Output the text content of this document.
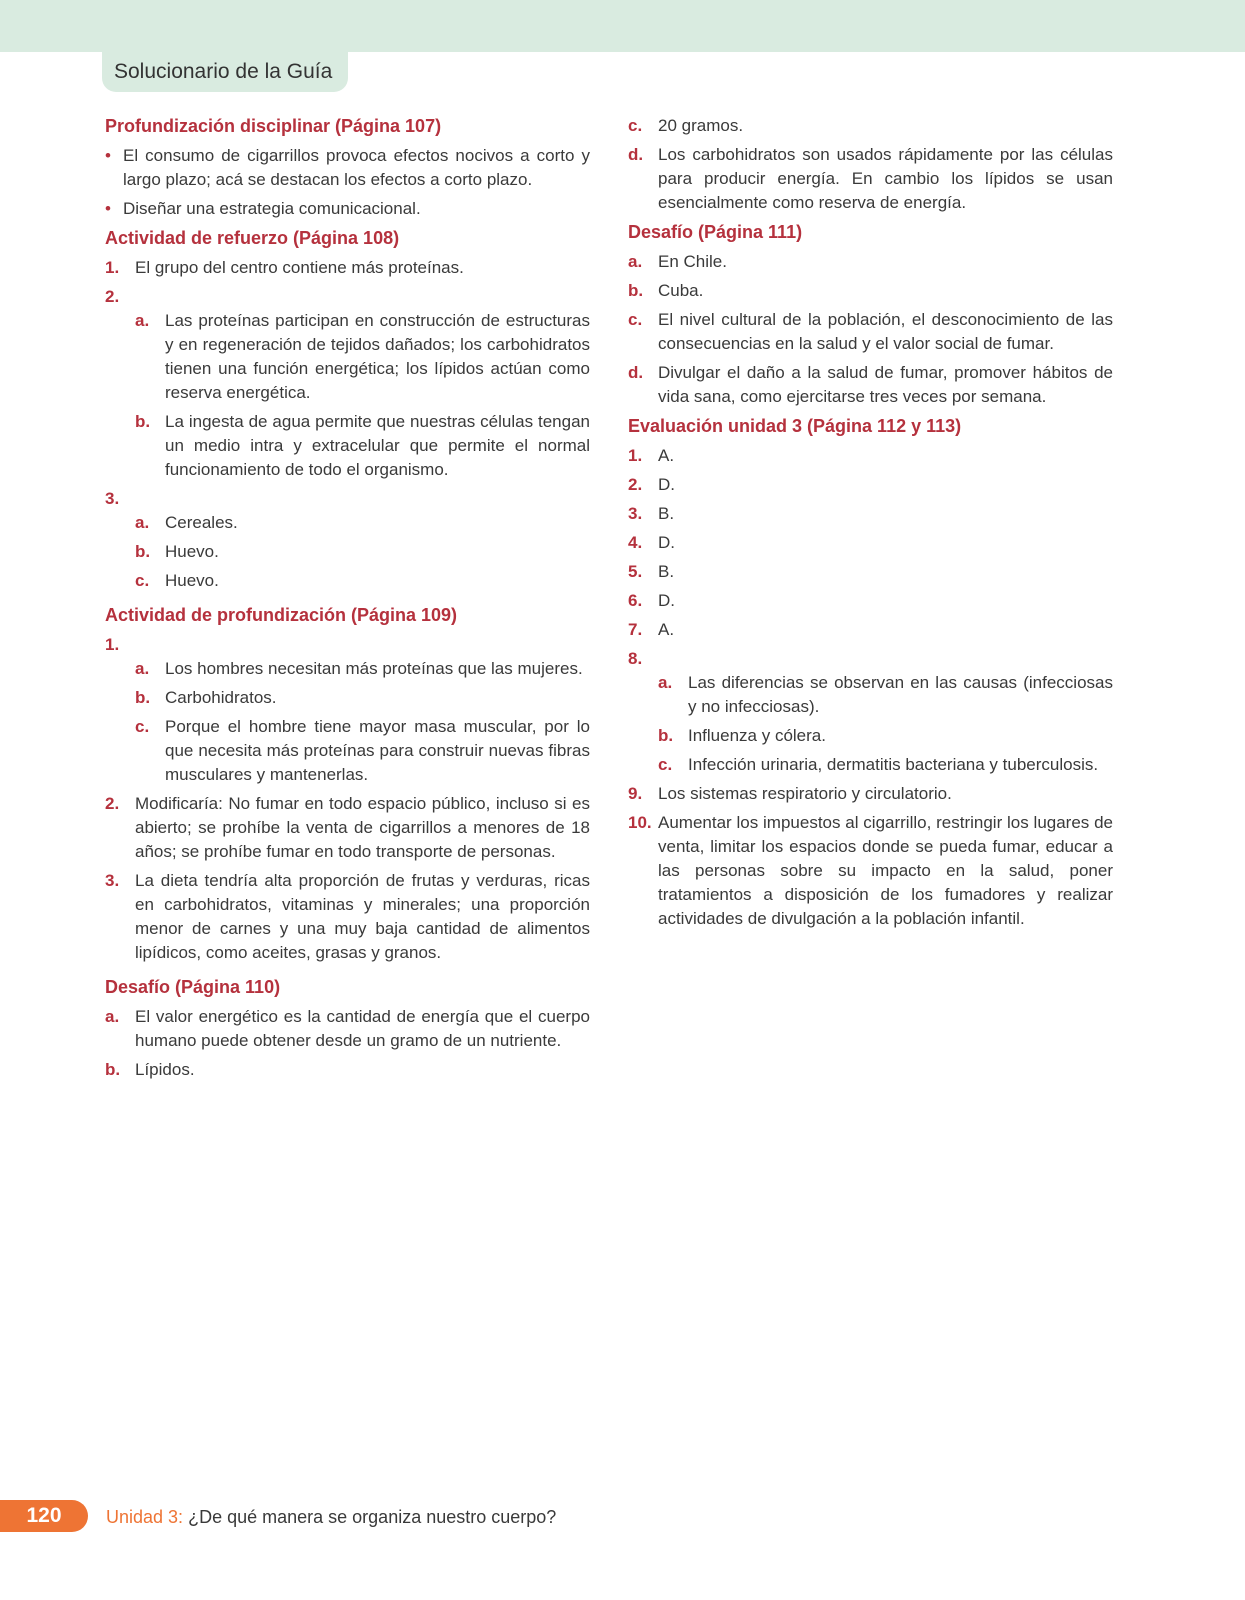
Solucionario de la Guía
Profundización disciplinar (Página 107)
• El consumo de cigarrillos provoca efectos nocivos a corto y largo plazo; acá se destacan los efectos a corto plazo.
• Diseñar una estrategia comunicacional.
Actividad de refuerzo (Página 108)
1. El grupo del centro contiene más proteínas.
2.
a. Las proteínas participan en construcción de estructuras y en regeneración de tejidos dañados; los carbohidratos tienen una función energética; los lípidos actúan como reserva energética.
b. La ingesta de agua permite que nuestras células tengan un medio intra y extracelular que permite el normal funcionamiento de todo el organismo.
3.
a. Cereales.
b. Huevo.
c. Huevo.
Actividad de profundización (Página 109)
1.
a. Los hombres necesitan más proteínas que las mujeres.
b. Carbohidratos.
c. Porque el hombre tiene mayor masa muscular, por lo que necesita más proteínas para construir nuevas fibras musculares y mantenerlas.
2. Modificaría: No fumar en todo espacio público, incluso si es abierto; se prohíbe la venta de cigarrillos a menores de 18 años; se prohíbe fumar en todo transporte de personas.
3. La dieta tendría alta proporción de frutas y verduras, ricas en carbohidratos, vitaminas y minerales; una proporción menor de carnes y una muy baja cantidad de alimentos lipídicos, como aceites, grasas y granos.
Desafío (Página 110)
a. El valor energético es la cantidad de energía que el cuerpo humano puede obtener desde un gramo de un nutriente.
b. Lípidos.
c. 20 gramos.
d. Los carbohidratos son usados rápidamente por las células para producir energía. En cambio los lípidos se usan esencialmente como reserva de energía.
Desafío (Página 111)
a. En Chile.
b. Cuba.
c. El nivel cultural de la población, el desconocimiento de las consecuencias en la salud y el valor social de fumar.
d. Divulgar el daño a la salud de fumar, promover hábitos de vida sana, como ejercitarse tres veces por semana.
Evaluación unidad 3 (Página 112 y 113)
1. A.
2. D.
3. B.
4. D.
5. B.
6. D.
7. A.
8.
a. Las diferencias se observan en las causas (infecciosas y no infecciosas).
b. Influenza y cólera.
c. Infección urinaria, dermatitis bacteriana y tuberculosis.
9. Los sistemas respiratorio y circulatorio.
10. Aumentar los impuestos al cigarrillo, restringir los lugares de venta, limitar los espacios donde se pueda fumar, educar a las personas sobre su impacto en la salud, poner tratamientos a disposición de los fumadores y realizar actividades de divulgación a la población infantil.
120	Unidad 3: ¿De qué manera se organiza nuestro cuerpo?
